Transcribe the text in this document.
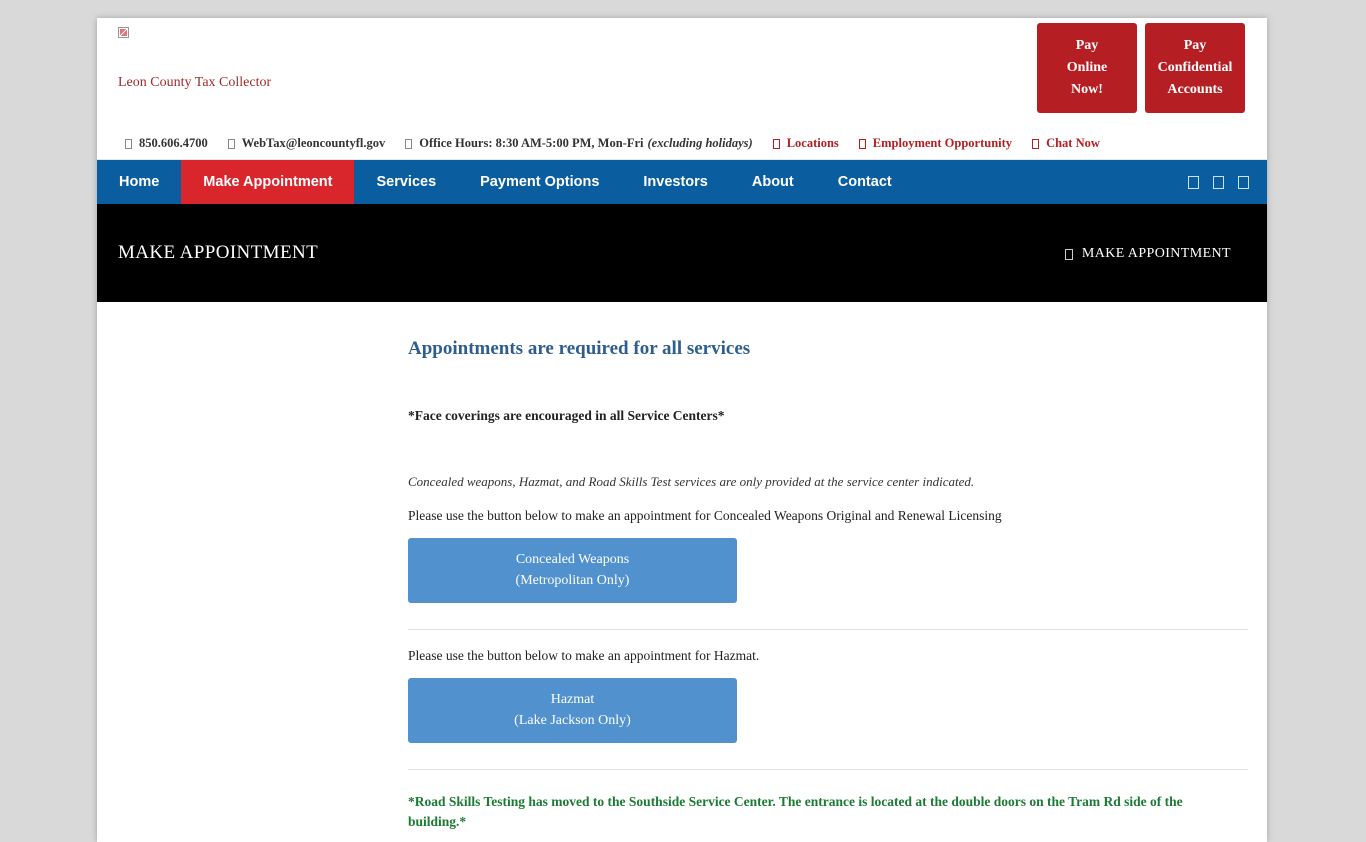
Leon County Tax Collector
Pay
Online
Now!
Pay
Confidential
Accounts
850.606.4700	WebTax@leoncountyfl.gov	Office Hours: 8:30 AM-5:00 PM, Mon-Fri (excluding holidays)	Locations	Employment Opportunity	Chat Now
Home	Make Appointment	Services	Payment Options	Investors	About	Contact
MAKE APPOINTMENT	MAKE APPOINTMENT
Appointments are required for all services
*Face coverings are encouraged in all Service Centers*
Concealed weapons, Hazmat, and Road Skills Test services are only provided at the service center indicated.
Please use the button below to make an appointment for Concealed Weapons Original and Renewal Licensing
Concealed Weapons
(Metropolitan Only)
Please use the button below to make an appointment for Hazmat.
Hazmat
(Lake Jackson Only)
*Road Skills Testing has moved to the Southside Service Center. The entrance is located at the double doors on the Tram Rd side of the building.*
